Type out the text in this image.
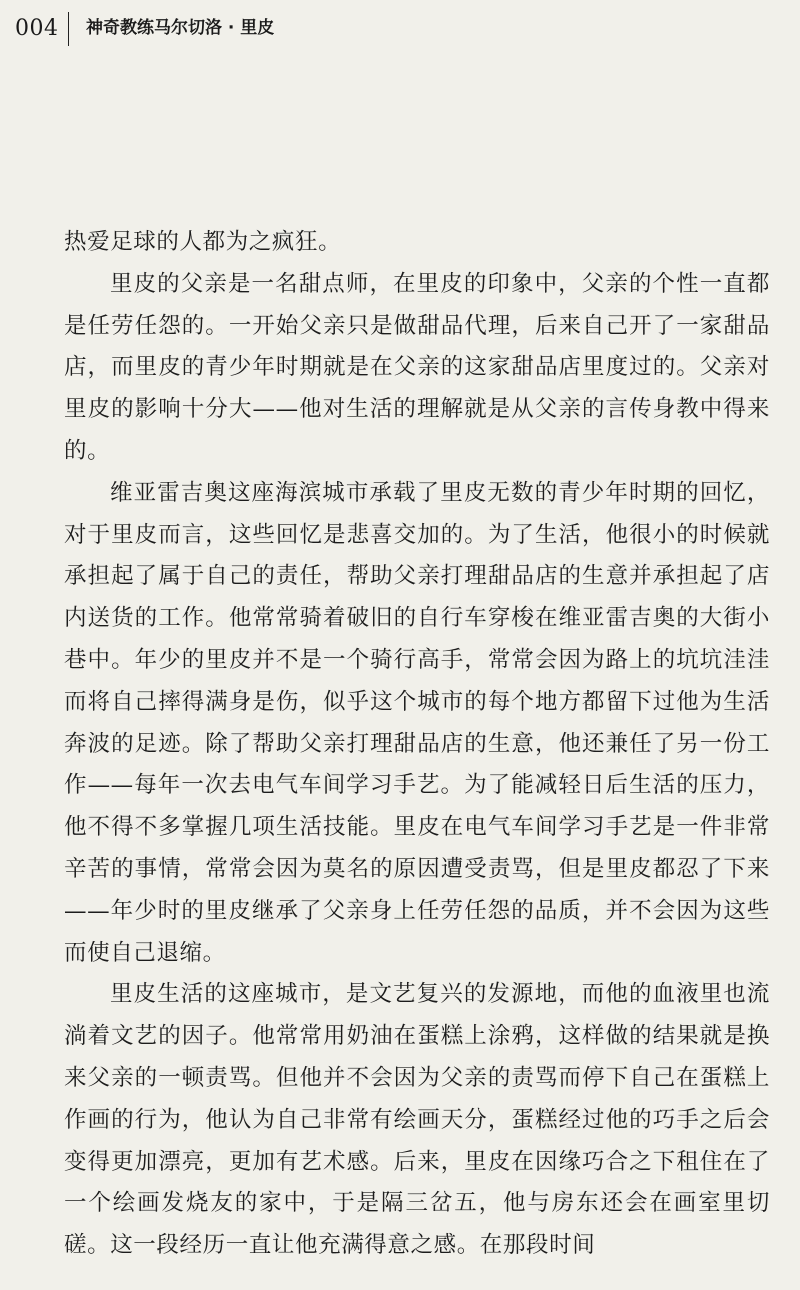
004 神奇教练马尔切洛 · 里皮

热爱足球的人都为之疯狂。

里皮的父亲是一名甜点师，在里皮的印象中，父亲的个性一直都是任劳任怨的。一开始父亲只是做甜品代理，后来自己开了一家甜品店，而里皮的青少年时期就是在父亲的这家甜品店里度过的。父亲对里皮的影响十分大——他对生活的理解就是从父亲的言传身教中得来的。

维亚雷吉奥这座海滨城市承载了里皮无数的青少年时期的回忆，对于里皮而言，这些回忆是悲喜交加的。为了生活，他很小的时候就承担起了属于自己的责任，帮助父亲打理甜品店的生意并承担起了店内送货的工作。他常常骑着破旧的自行车穿梭在维亚雷吉奥的大街小巷中。年少的里皮并不是一个骑行高手，常常会因为路上的坑坑洼洼而将自己摔得满身是伤，似乎这个城市的每个地方都留下过他为生活奔波的足迹。除了帮助父亲打理甜品店的生意，他还兼任了另一份工作——每年一次去电气车间学习手艺。为了能减轻日后生活的压力，他不得不多掌握几项生活技能。里皮在电气车间学习手艺是一件非常辛苦的事情，常常会因为莫名的原因遭受责骂，但是里皮都忍了下来——年少时的里皮继承了父亲身上任劳任怨的品质，并不会因为这些而使自己退缩。

里皮生活的这座城市，是文艺复兴的发源地，而他的血液里也流淌着文艺的因子。他常常用奶油在蛋糕上涂鸦，这样做的结果就是换来父亲的一顿责骂。但他并不会因为父亲的责骂而停下自己在蛋糕上作画的行为，他认为自己非常有绘画天分，蛋糕经过他的巧手之后会变得更加漂亮，更加有艺术感。后来，里皮在因缘巧合之下租住在了一个绘画发烧友的家中，于是隔三岔五，他与房东还会在画室里切磋。这一段经历一直让他充满得意之感。在那段时间
